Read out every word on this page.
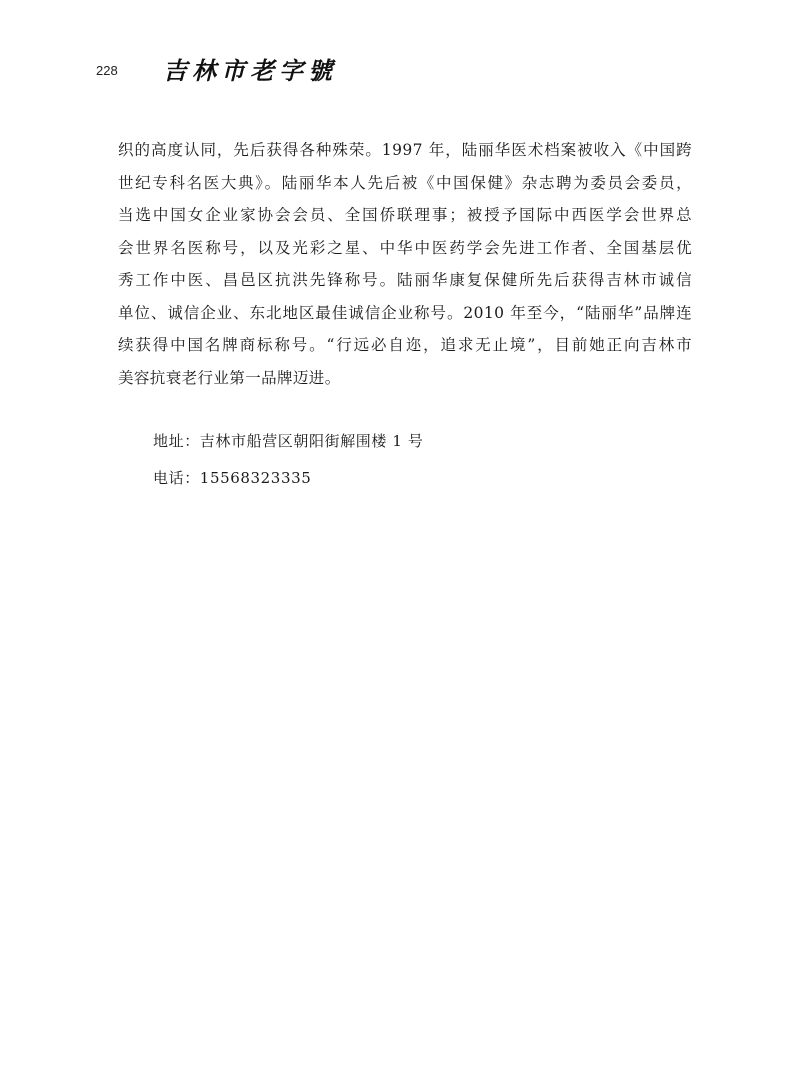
228 吉林市老字號
织的高度认同，先后获得各种殊荣。1997 年，陆丽华医术档案被收入《中国跨
世纪专科名医大典》。陆丽华本人先后被《中国保健》杂志聘为委员会委员，
当选中国女企业家协会会员、全国侨联理事；被授予国际中西医学会世界总
会世界名医称号，以及光彩之星、中华中医药学会先进工作者、全国基层优
秀工作中医、昌邑区抗洪先锋称号。陆丽华康复保健所先后获得吉林市诚信
单位、诚信企业、东北地区最佳诚信企业称号。2010 年至今，“陆丽华”品牌连
续获得中国名牌商标称号。“行远必自迩，追求无止境”，目前她正向吉林市
美容抗衰老行业第一品牌迈进。
地址：吉林市船营区朝阳街解围楼 1 号
电话：15568323335
